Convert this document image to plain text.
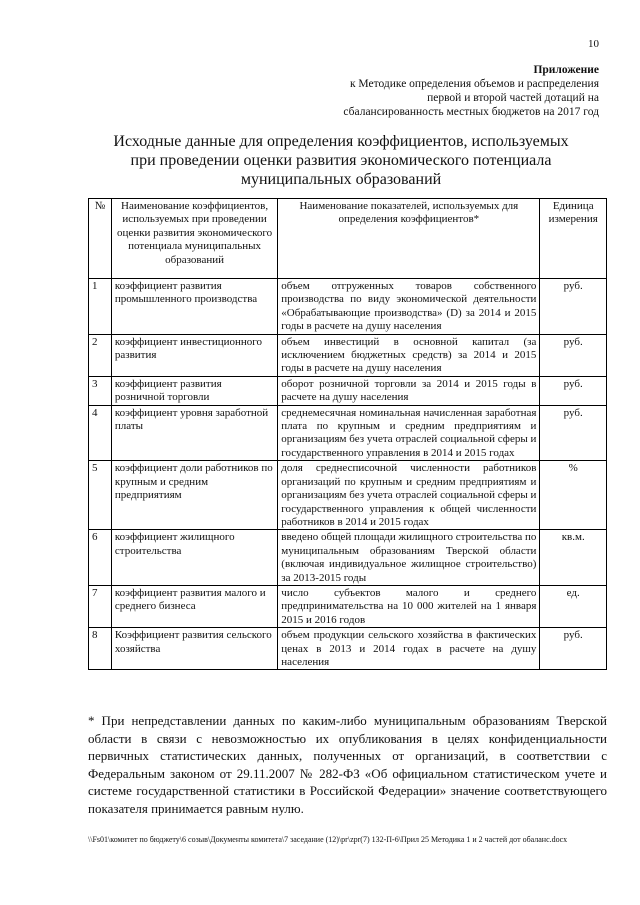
10
Приложение
к Методике определения объемов и распределения
первой и второй частей дотаций на
сбалансированность местных бюджетов на 2017 год
Исходные данные для определения коэффициентов, используемых при проведении оценки развития экономического потенциала муниципальных образований
№	Наименование коэффициентов, используемых при проведении оценки развития экономического потенциала муниципальных образований	Наименование показателей, используемых для определения коэффициентов*	Единица измерения
1	коэффициент развития промышленного производства	объем отгруженных товаров собственного производства по виду экономической деятельности «Обрабатывающие производства» (D) за 2014 и 2015 годы в расчете на душу населения	руб.
2	коэффициент инвестиционного развития	объем инвестиций в основной капитал (за исключением бюджетных средств) за 2014 и 2015 годы в расчете на душу населения	руб.
3	коэффициент развития розничной торговли	оборот розничной торговли за 2014 и 2015 годы в расчете на душу населения	руб.
4	коэффициент уровня заработной платы	среднемесячная номинальная начисленная заработная плата по крупным и средним предприятиям и организациям без учета отраслей социальной сферы и государственного управления в 2014 и 2015 годах	руб.
5	коэффициент доли работников по крупным и средним предприятиям	доля среднесписочной численности работников организаций по крупным и средним предприятиям и организациям без учета отраслей социальной сферы и государственного управления к общей численности работников в 2014 и 2015 годах	%
6	коэффициент жилищного строительства	введено общей площади жилищного строительства по муниципальным образованиям Тверской области (включая индивидуальное жилищное строительство) за 2013-2015 годы	кв.м.
7	коэффициент развития малого и среднего бизнеса	число субъектов малого и среднего предпринимательства на 10 000 жителей на 1 января 2015 и 2016 годов	ед.
8	Коэффициент развития сельского хозяйства	объем продукции сельского хозяйства в фактических ценах в 2013 и 2014 годах в расчете на душу населения	руб.
* При непредставлении данных по каким-либо муниципальным образованиям Тверской области в связи с невозможностью их опубликования в целях конфиденциальности первичных статистических данных, полученных от организаций, в соответствии с Федеральным законом от 29.11.2007 № 282-ФЗ «Об официальном статистическом учете и системе государственной статистики в Российской Федерации» значение соответствующего показателя принимается равным нулю.
\\Fs01\комитет по бюджету\6 созыв\Документы комитета\7 заседание (12)\pr\zpr(7) 132-П-6\Прил 25 Методика 1 и 2 частей дот обаланс.docx
